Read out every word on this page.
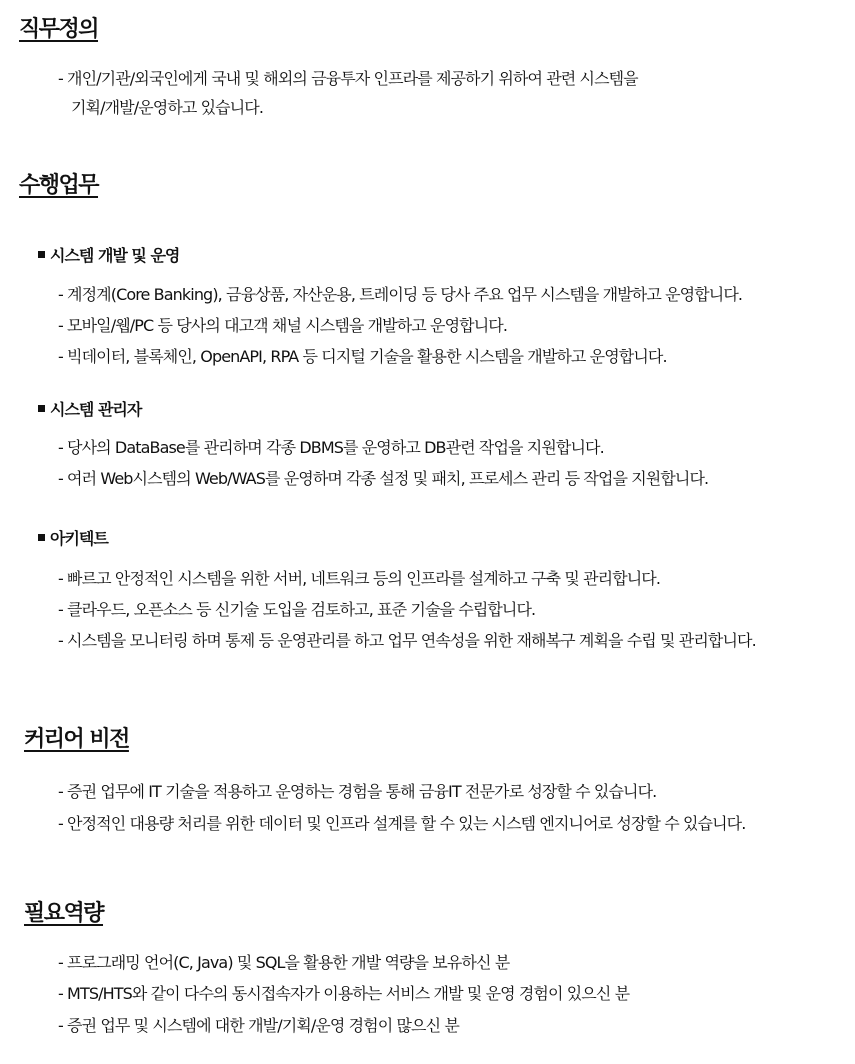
직무정의

- 개인/기관/외국인에게 국내 및 해외의 금융투자 인프라를 제공하기 위하여 관련 시스템을

기획/개발/운영하고 있습니다.

수행업무
시스템 개발 및 운영

- 계정계(Core Banking), 금융상품, 자산운용, 트레이딩 등 당사 주요 업무 시스템을 개발하고 운영합니다.

- 모바일/웹/PC 등 당사의 대고객 채널 시스템을 개발하고 운영합니다.

- 빅데이터, 블록체인, OpenAPI, RPA 등 디지털 기술을 활용한 시스템을 개발하고 운영합니다.

시스템 관리자

- 당사의 DataBase를 관리하며 각종 DBMS를 운영하고 DB관련 작업을 지원합니다.

- 여러 Web시스템의 Web/WAS를 운영하며 각종 설정 및 패치, 프로세스 관리 등 작업을 지원합니다.

아키텍트

- 빠르고 안정적인 시스템을 위한 서버, 네트워크 등의 인프라를 설계하고 구축 및 관리합니다.

- 클라우드, 오픈소스 등 신기술 도입을 검토하고, 표준 기술을 수립합니다.

- 시스템을 모니터링 하며 통제 등 운영관리를 하고 업무 연속성을 위한 재해복구 계획을 수립 및 관리합니다.

커리어 비전

- 증권 업무에 IT 기술을 적용하고 운영하는 경험을 통해 금융IT 전문가로 성장할 수 있습니다.

- 안정적인 대용량 처리를 위한 데이터 및 인프라 설계를 할 수 있는 시스템 엔지니어로 성장할 수 있습니다.

필요역량

- 프로그래밍 언어(C, Java) 및 SQL을 활용한 개발 역량을 보유하신 분

- MTS/HTS와 같이 다수의 동시접속자가 이용하는 서비스 개발 및 운영 경험이 있으신 분

- 증권 업무 및 시스템에 대한 개발/기획/운영 경험이 많으신 분
